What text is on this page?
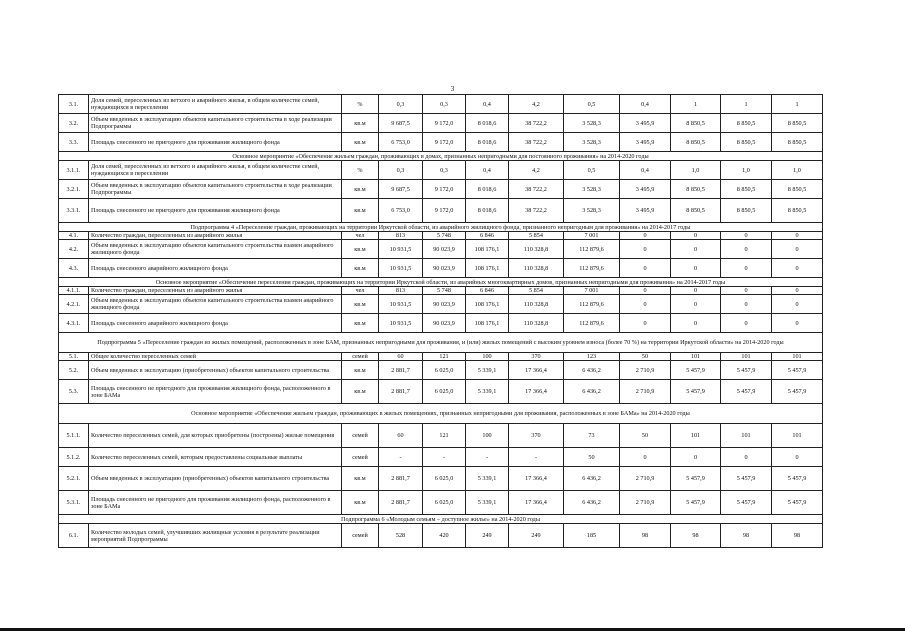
3
3.1.	Доля семей, переселенных из ветхого и аварийного жилья, в общем количестве семей, нуждающихся в переселении	%	0,3	0,3	0,4	4,2	0,5	0,4	1	1	1
3.2.	Объем введенных в эксплуатацию объектов капитального строительства в ходе реализации Подпрограммы	кв.м	9 687,5	9 172,0	8 018,6	38 722,2	3 528,3	3 495,9	8 850,5	8 850,5	8 850,5
3.3.	Площадь снесенного не пригодного для проживания жилищного фонда	кв.м	6 753,0	9 172,0	8 018,6	38 722,2	3 528,3	3 495,9	8 850,5	8 850,5	8 850,5
Основное мероприятие «Обеспечение жильем граждан, проживающих в домах, признанных непригодными для постоянного проживания» на 2014-2020 годы											
3.1.1.	Доля семей, переселенных из ветхого и аварийного жилья, в общем количестве семей, нуждающихся в переселении	%	0,3	0,3	0,4	4,2	0,5	0,4	1,0	1,0	1,0
3.2.1.	Объем введенных в эксплуатацию объектов капитального строительства в ходе реализации Подпрограммы	кв.м	9 687,5	9 172,0	8 018,6	38 722,2	3 528,3	3 495,9	8 850,5	8 850,5	8 850,5
3.3.1.	Площадь снесенного не пригодного для проживания жилищного фонда	кв.м	6 753,0	9 172,0	8 018,6	38 722,2	3 528,3	3 495,9	8 850,5	8 850,5	8 850,5
Подпрограмма 4 «Переселение граждан, проживающих на территории Иркутской области, из аварийного жилищного фонда, признанного непригодным для проживания» на 2014-2017 годы											
4.1.	Количество граждан, переселенных из аварийного жилья	чел	813	5 748	6 846	5 854	7 001	0	0	0	0
4.2.	Объем введенных в эксплуатацию объектов капитального строительства взамен аварийного жилищного фонда	кв.м	10 931,5	90 023,9	108 176,1	110 328,8	112 879,6	0	0	0	0
4.3.	Площадь снесенного аварийного жилищного фонда	кв.м	10 931,5	90 023,9	108 176,1	110 328,8	112 879,6	0	0	0	0
Основное мероприятие «Обеспечение переселения граждан, проживающих на территории Иркутской области, из аварийных многоквартирных домов, признанных непригодными для проживания» на 2014-2017 годы											
4.1.1.	Количество граждан, переселенных из аварийного жилья	чел	813	5 748	6 846	5 854	7 001	0	0	0	0
4.2.1.	Объем введенных в эксплуатацию объектов капитального строительства взамен аварийного жилищного фонда	кв.м	10 931,5	90 023,9	108 176,1	110 328,8	112 879,6	0	0	0	0
4.3.1.	Площадь снесенного аварийного жилищного фонда	кв.м	10 931,5	90 023,9	108 176,1	110 328,8	112 879,6	0	0	0	0
Подпрограмма 5 «Переселение граждан из жилых помещений, расположенных в зоне БАМ, признанных непригодными для проживания, и (или) жилых помещений с высоким уровнем износа (более 70 %) на территории Иркутской области» на 2014-2020 годы											
5.1.	Общее количество переселенных семей	семей	60	121	100	370	123	50	101	101	101
5.2.	Объем введенных в эксплуатацию (приобретенных) объектов капитального строительства	кв.м	2 881,7	6 025,0	5 339,1	17 366,4	6 436,2	2 710,9	5 457,9	5 457,9	5 457,9
5.3.	Площадь снесенного не пригодного для проживания жилищного фонда, расположенного в зоне БАМа	кв.м	2 881,7	6 025,0	5 339,1	17 366,4	6 436,2	2 710,9	5 457,9	5 457,9	5 457,9
Основное мероприятие «Обеспечение жильем граждан, проживающих в жилых помещениях, признанных непригодными для проживания, расположенных в зоне БАМа» на 2014-2020 годы											
5.1.1.	Количество переселенных семей, для которых приобретены (построены) жилые помещения	семей	60	121	100	370	73	50	101	101	101
5.1.2.	Количество переселенных семей, которым предоставлены социальные выплаты	семей	-	-	-	-	50	0	0	0	0
5.2.1.	Объем введенных в эксплуатацию (приобретенных) объектов капитального строительства	кв.м	2 881,7	6 025,0	5 339,1	17 366,4	6 436,2	2 710,9	5 457,9	5 457,9	5 457,9
5.3.1.	Площадь снесенного не пригодного для проживания жилищного фонда, расположенного в зоне БАМа	кв.м	2 881,7	6 025,0	5 339,1	17 366,4	6 436,2	2 710,9	5 457,9	5 457,9	5 457,9
Подпрограмма 6 «Молодым семьям – доступное жилье» на 2014-2020 годы											
6.1.	Количество молодых семей, улучшивших жилищные условия в результате реализации мероприятий Подпрограммы	семей	528	420	249	249	185	98	98	98	98
